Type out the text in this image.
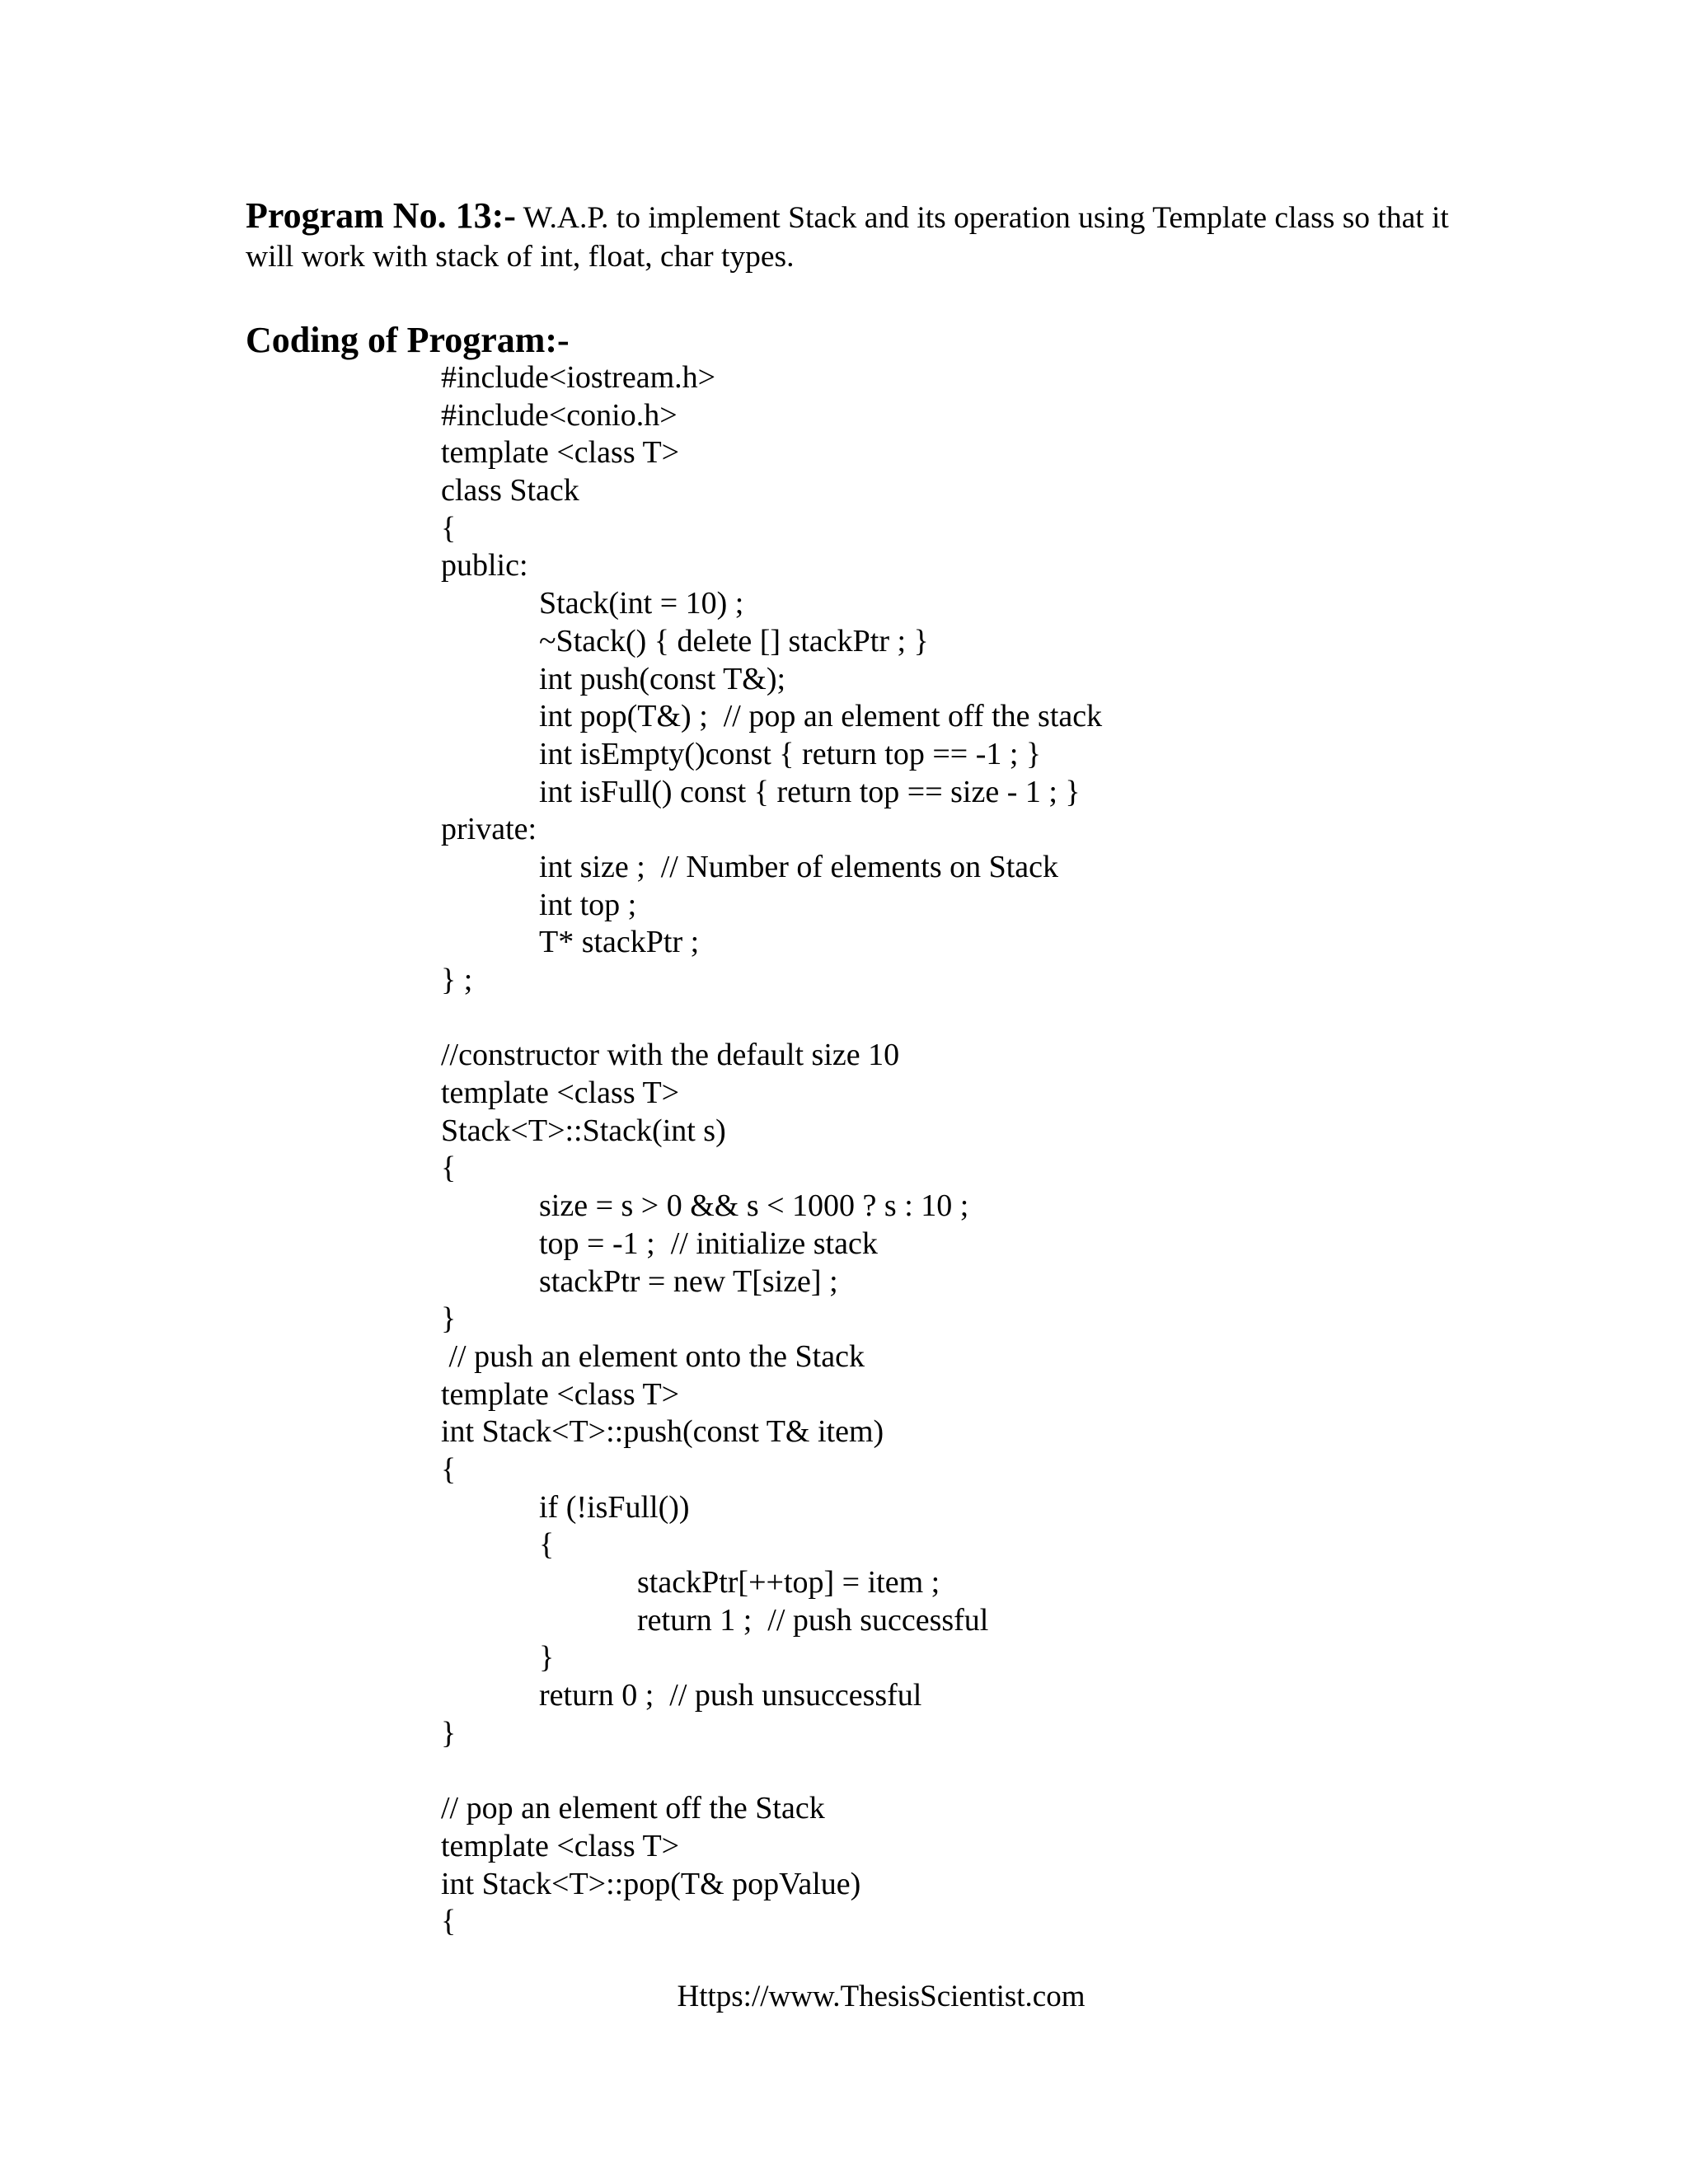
Program No. 13:- W.A.P. to implement Stack and its operation using Template class so that it will work with stack of int, float, char types.
Coding of Program:-
#include<iostream.h>
#include<conio.h>
template <class T>
class Stack
{
public:
Stack(int = 10) ;
~Stack() { delete [] stackPtr ; }
int push(const T&);
int pop(T&) ;  // pop an element off the stack
int isEmpty()const { return top == -1 ; }
int isFull() const { return top == size - 1 ; }
private:
int size ;  // Number of elements on Stack
int top ;
T* stackPtr ;
} ;
//constructor with the default size 10
template <class T>
Stack<T>::Stack(int s)
{
size = s > 0 && s < 1000 ? s : 10 ;
top = -1 ;  // initialize stack
stackPtr = new T[size] ;
}
// push an element onto the Stack
template <class T>
int Stack<T>::push(const T& item)
{
if (!isFull())
{
stackPtr[++top] = item ;
return 1 ;  // push successful
}
return 0 ;  // push unsuccessful
}
// pop an element off the Stack
template <class T>
int Stack<T>::pop(T& popValue)
{
Https://www.ThesisScientist.com
